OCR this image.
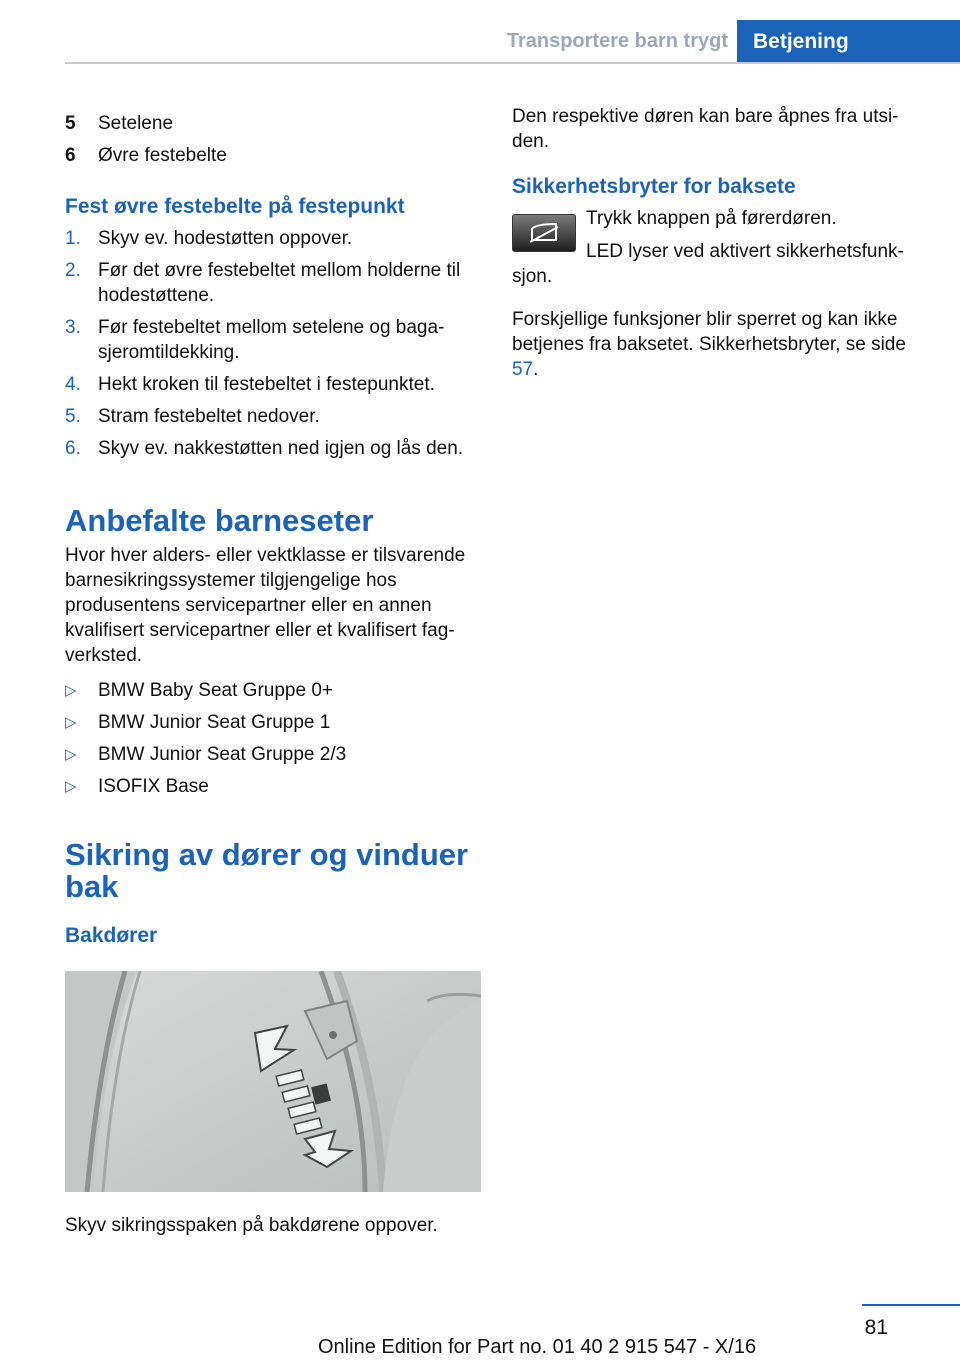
Transportere barn trygt	Betjening
5	Setelene
6	Øvre festebelte
Fest øvre festebelte på festepunkt
1. Skyv ev. hodestøtten oppover.
2. Før det øvre festebeltet mellom holderne til hodestøttene.
3. Før festebeltet mellom setelene og bagasjeromtildekking.
4. Hekt kroken til festebeltet i festepunktet.
5. Stram festebeltet nedover.
6. Skyv ev. nakkestøtten ned igjen og lås den.
Anbefalte barneseter

Hvor hver alders- eller vektklasse er tilsvarende barnesikringssystemer tilgjengelige hos produsentens servicepartner eller en annen kvalifisert servicepartner eller et kvalifisert fagverksted.

▷	BMW Baby Seat Gruppe 0+
▷	BMW Junior Seat Gruppe 1
▷	BMW Junior Seat Gruppe 2/3
▷	ISOFIX Base
Sikring av dører og vinduer bak
Bakdører

Skyv sikringsspaken på bakdørene oppover.

Den respektive døren kan bare åpnes fra utsiden.

Sikkerhetsbryter for baksete

Trykk knappen på førerdøren.

LED lyser ved aktivert sikkerhetsfunksjon.

Forskjellige funksjoner blir sperret og kan ikke betjenes fra baksetet. Sikkerhetsbryter, se side 57.

81
Online Edition for Part no. 01 40 2 915 547 - X/16
